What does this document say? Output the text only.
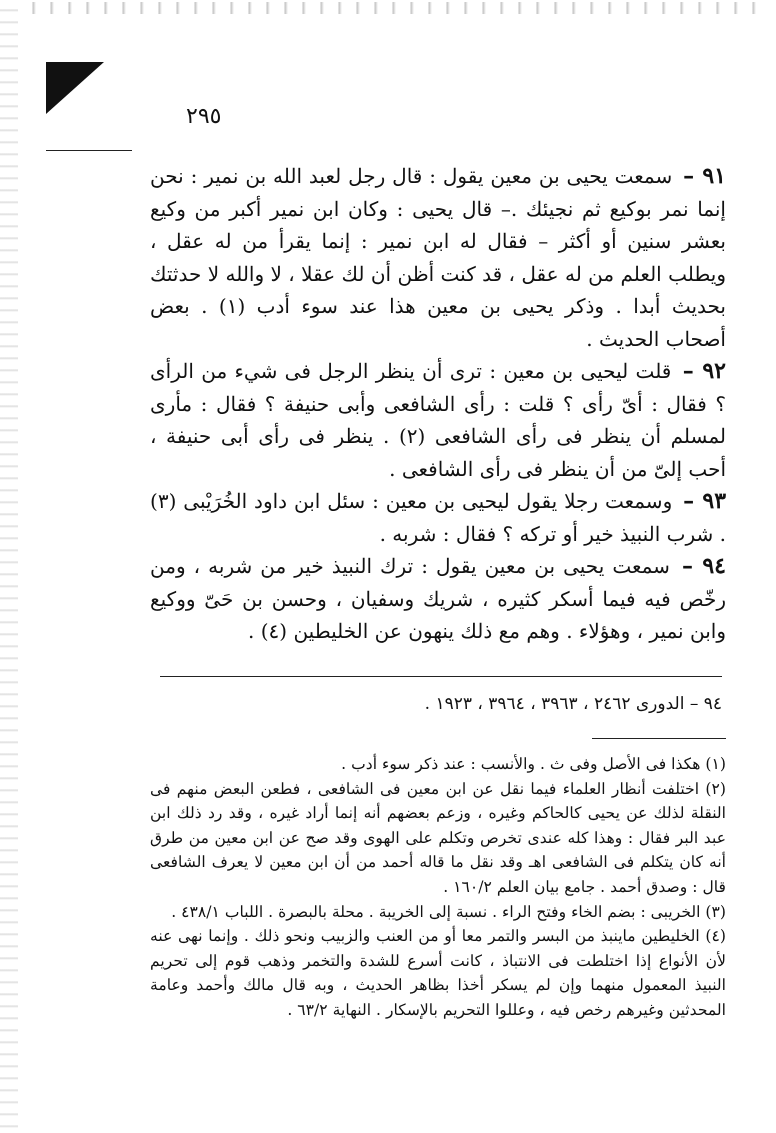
٢٩٥

٩١ – سمعت يحيى بن معين يقول : قال رجل لعبد الله بن نمير : نحن إنما نمر بوكيع ثم نجيئك .– قال يحيى : وكان ابن نمير أكبر من وكيع بعشر سنين أو أكثر – فقال له ابن نمير : إنما يقرأ من له عقل ، ويطلب العلم من له عقل ، قد كنت أظن أن لك عقلا ، لا والله لا حدثتك بحديث أبدا . وذكر يحيى بن معين هذا عند سوء أدب (١) . بعض أصحاب الحديث .

٩٢ – قلت ليحيى بن معين : ترى أن ينظر الرجل فى شيء من الرأى ؟ فقال : أىّ رأى ؟ قلت : رأى الشافعى وأبى حنيفة ؟ فقال : مأرى لمسلم أن ينظر فى رأى الشافعى (٢) . ينظر فى رأى أبى حنيفة ، أحب إلىّ من أن ينظر فى رأى الشافعى .

٩٣ – وسمعت رجلا يقول ليحيى بن معين : سئل ابن داود الخُرَيْبى (٣) . شرب النبيذ خير أو تركه ؟ فقال : شربه .

٩٤ – سمعت يحيى بن معين يقول : ترك النبيذ خير من شربه ، ومن رخّص فيه فيما أسكر كثيره ، شريك وسفيان ، وحسن بن حَىّ ووكيع وابن نمير ، وهؤلاء . وهم مع ذلك ينهون عن الخليطين (٤) .

٩٤ – الدورى ٢٤٦٢ ، ٣٩٦٣ ، ٣٩٦٤ ، ١٩٢٣ .

(١) هكذا فى الأصل وفى ث . والأنسب : عند ذكر سوء أدب .

(٢) اختلفت أنظار العلماء فيما نقل عن ابن معين فى الشافعى ، فطعن البعض منهم فى النقلة لذلك عن يحيى كالحاكم وغيره ، وزعم بعضهم أنه إنما أراد غيره ، وقد رد ذلك ابن عبد البر فقال : وهذا كله عندى تخرص وتكلم على الهوى وقد صح عن ابن معين من طرق أنه كان يتكلم فى الشافعى اهـ وقد نقل ما قاله أحمد من أن ابن معين لا يعرف الشافعى قال : وصدق أحمد . جامع بيان العلم ١٦٠/٢ .

(٣) الخريبى : بضم الخاء وفتح الراء . نسبة إلى الخريبة . محلة بالبصرة . اللباب ٤٣٨/١ .

(٤) الخليطين ماينبذ من البسر والتمر معا أو من العنب والزبيب ونحو ذلك . وإنما نهى عنه لأن الأنواع إذا اختلطت فى الانتباذ ، كانت أسرع للشدة والتخمر وذهب قوم إلى تحريم النبيذ المعمول منهما وإن لم يسكر أخذا بظاهر الحديث ، وبه قال مالك وأحمد وعامة المحدثين وغيرهم رخص فيه ، وعللوا التحريم بالإسكار . النهاية ٦٣/٢ .
